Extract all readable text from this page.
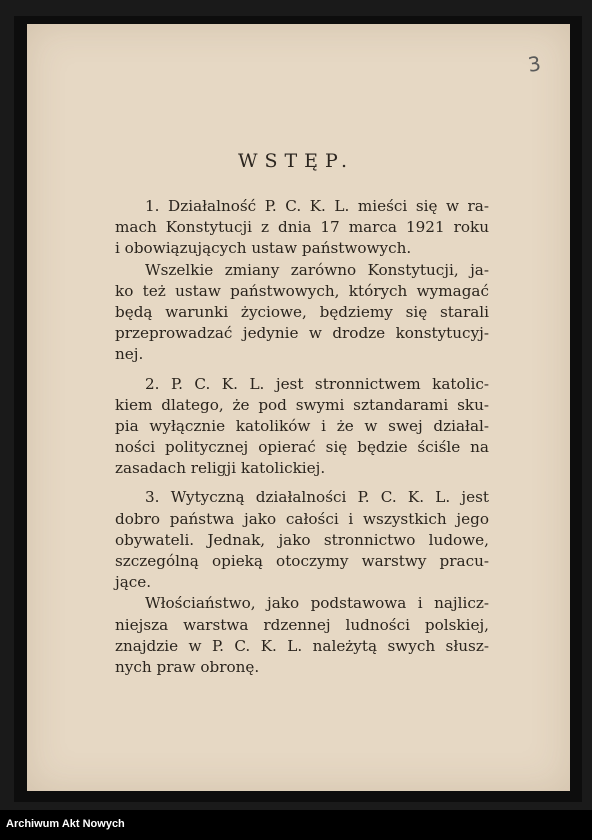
3
WSTĘP.
1. Działalność P. C. K. L. mieści się w ra-
mach Konstytucji z dnia 17 marca 1921 roku
i obowiązujących ustaw państwowych.
Wszelkie zmiany zarówno Konstytucji, ja-
ko też ustaw państwowych, których wymagać
będą warunki życiowe, będziemy się starali
przeprowadzać jedynie w drodze konstytucyj-
nej.
2. P. C. K. L. jest stronnictwem katolic-
kiem dlatego, że pod swymi sztandarami sku-
pia wyłącznie katolików i że w swej działal-
ności politycznej opierać się będzie ściśle na
zasadach religji katolickiej.
3. Wytyczną działalności P. C. K. L. jest
dobro państwa jako całości i wszystkich jego
obywateli. Jednak, jako stronnictwo ludowe,
szczególną opieką otoczymy warstwy pracu-
jące.
Włościaństwo, jako podstawowa i najlicz-
niejsza warstwa rdzennej ludności polskiej,
znajdzie w P. C. K. L. należytą swych słusz-
nych praw obronę.
Archiwum Akt Nowych
